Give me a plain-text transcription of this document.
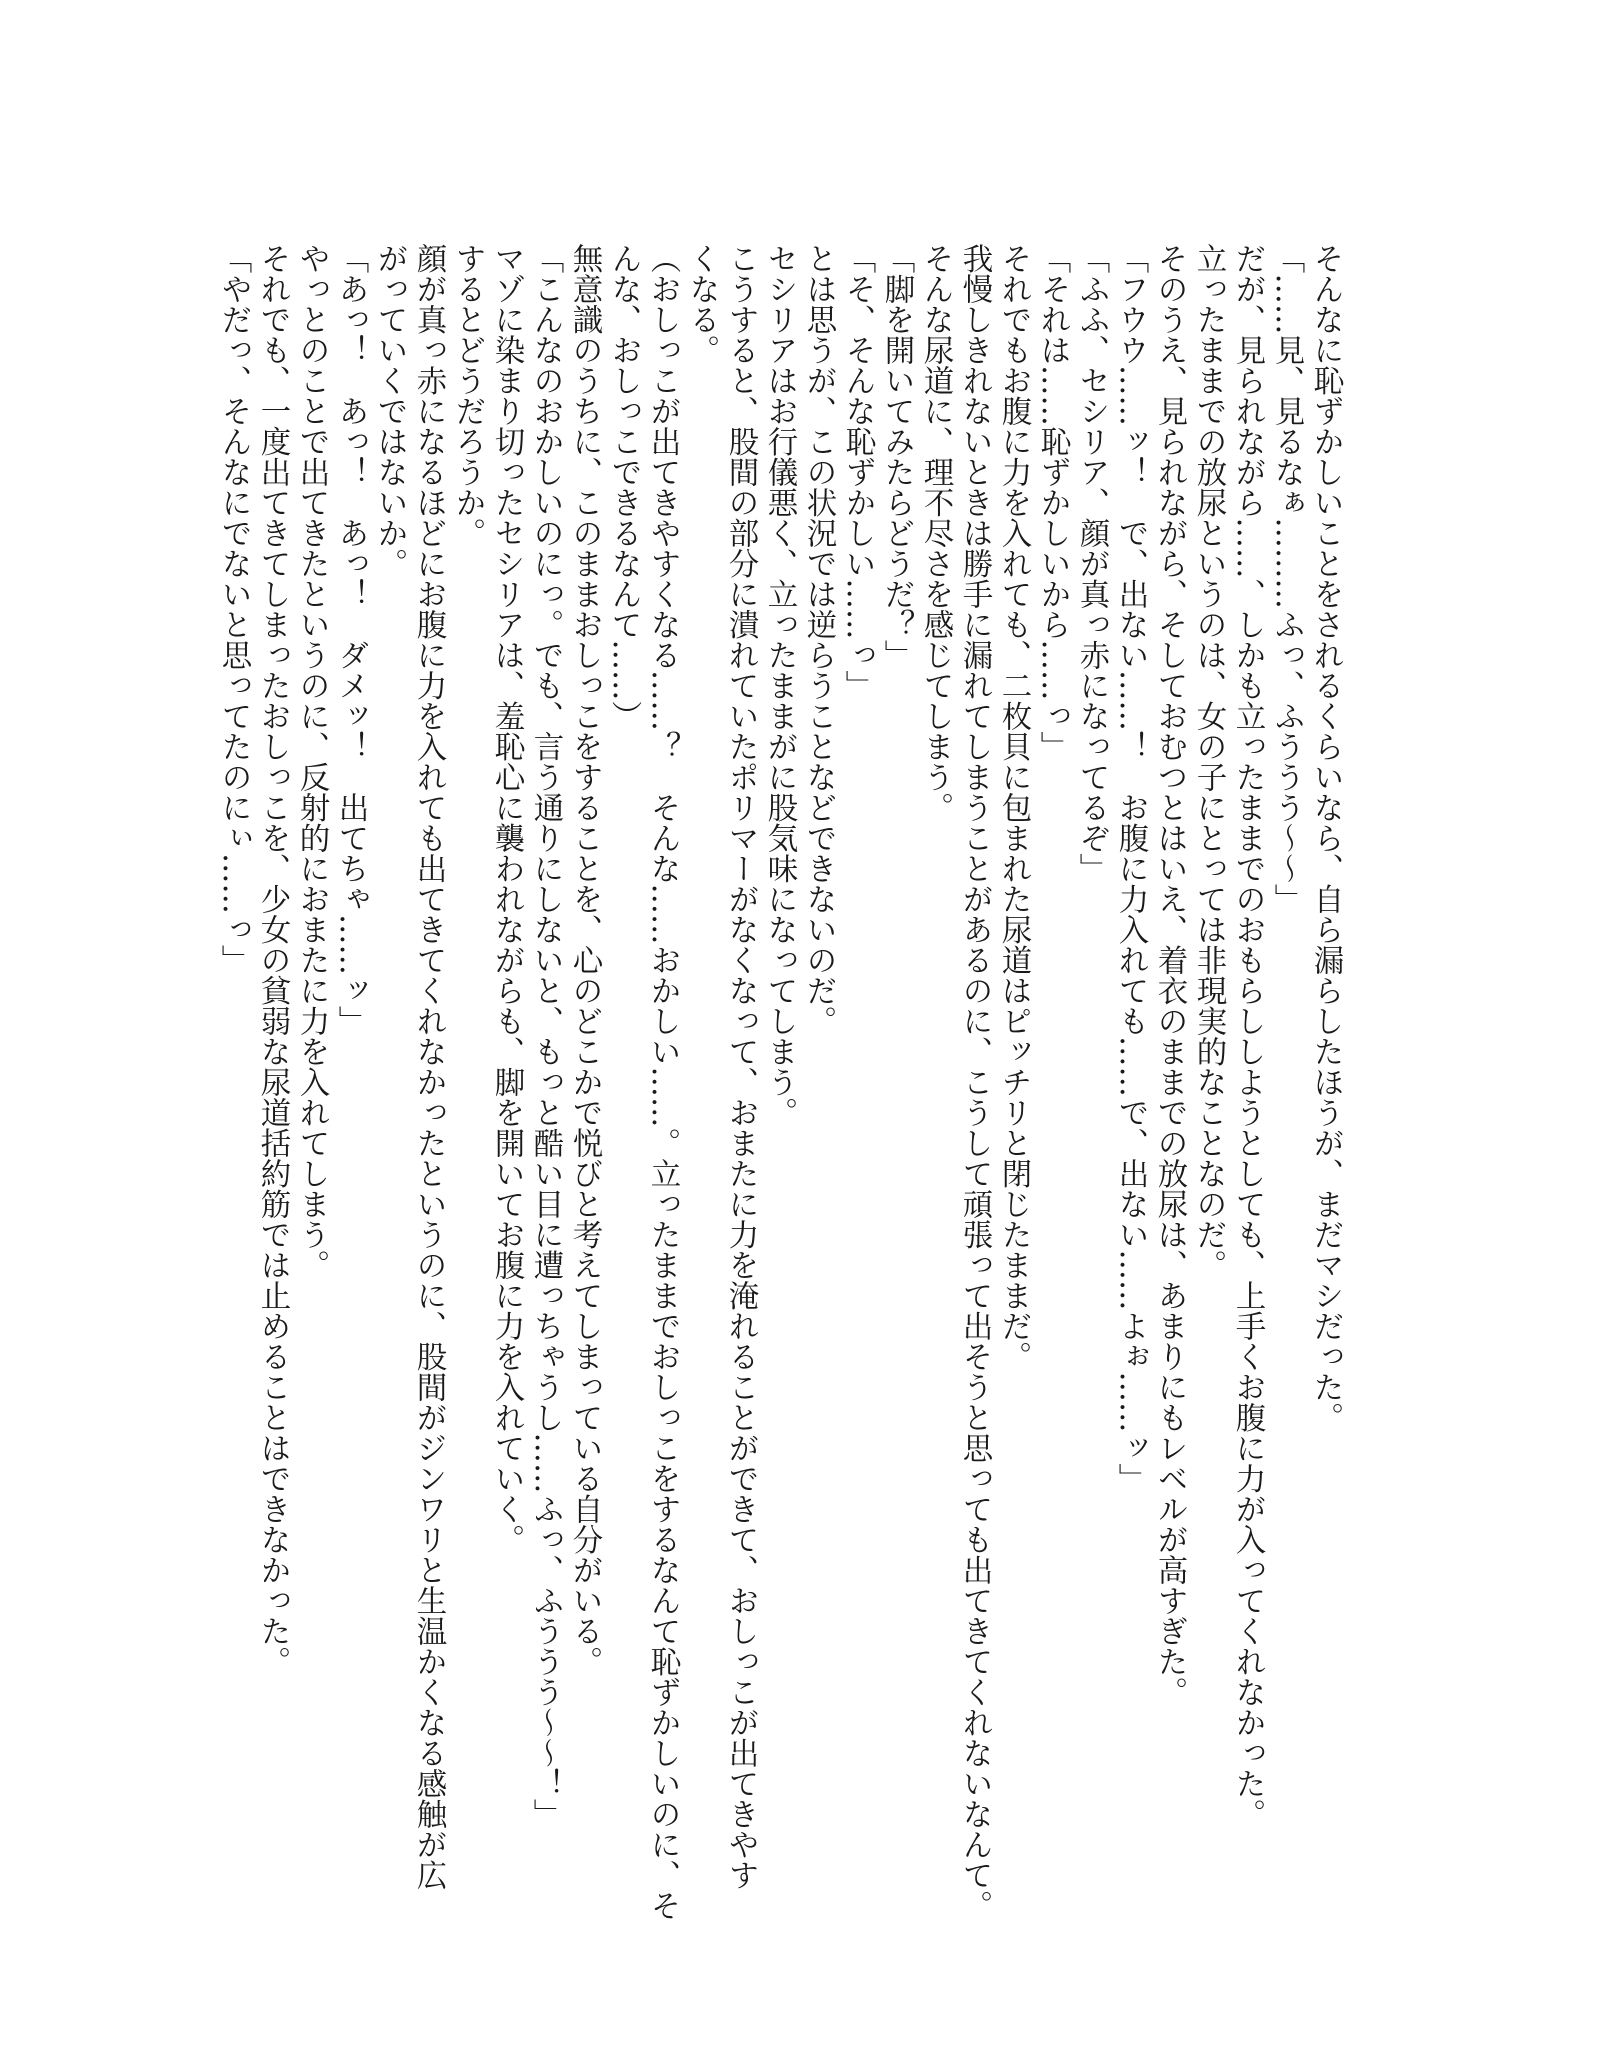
そんなに恥ずかしいことをされるくらいなら、自ら漏らしたほうが、まだマシだった。

「……見、見るなぁ………ふっ、ふううう〜〜」

だが、見られながら……、しかも立ったままでのおもらししようとしても、上手くお腹に力が入ってくれなかった。

立ったままでの放尿というのは、女の子にとっては非現実的なことなのだ。

そのうえ、見られながら、そしておむつとはいえ、着衣のままでの放尿は、あまりにもレベルが高すぎた。

「フウウ……ッ！　で、出ない……！　お腹に力入れても……で、出ない……よぉ……ッ」

「ふふ、セシリア、顔が真っ赤になってるぞ」

「それは……恥ずかしいから……っ」

それでもお腹に力を入れても、二枚貝に包まれた尿道はピッチリと閉じたままだ。

我慢しきれないときは勝手に漏れてしまうことがあるのに、こうして頑張って出そうと思っても出てきてくれないなんて。

そんな尿道に、理不尽さを感じてしまう。

「脚を開いてみたらどうだ？」

「そ、そんな恥ずかしい……っ」

とは思うが、この状況では逆らうことなどできないのだ。

セシリアはお行儀悪く、立ったままがに股気味になってしまう。

こうすると、股間の部分に潰れていたポリマーがなくなって、おまたに力を淹れることができて、おしっこが出てきやす

くなる。

（おしっこが出てきやすくなる……？　そんな……おかしい……。立ったままでおしっこをするなんて恥ずかしいのに、そ

んな、おしっこできるなんて……）

無意識のうちに、このままおしっこをすることを、心のどこかで悦びと考えてしまっている自分がいる。

「こんなのおかしいのにっ。でも、言う通りにしないと、もっと酷い目に遭っちゃうし……ふっ、ふううう〜〜！」

マゾに染まり切ったセシリアは、羞恥心に襲われながらも、脚を開いてお腹に力を入れていく。

するとどうだろうか。

顔が真っ赤になるほどにお腹に力を入れても出てきてくれなかったというのに、股間がジンワリと生温かくなる感触が広

がっていくではないか。

「あっ！　あっ！　あっ！　ダメッ！　出てちゃ……ッ」

やっとのことで出てきたというのに、反射的におまたに力を入れてしまう。

それでも、一度出てきてしまったおしっこを、少女の貧弱な尿道括約筋では止めることはできなかった。

「やだっ、そんなにでないと思ってたのにぃ……っ」
